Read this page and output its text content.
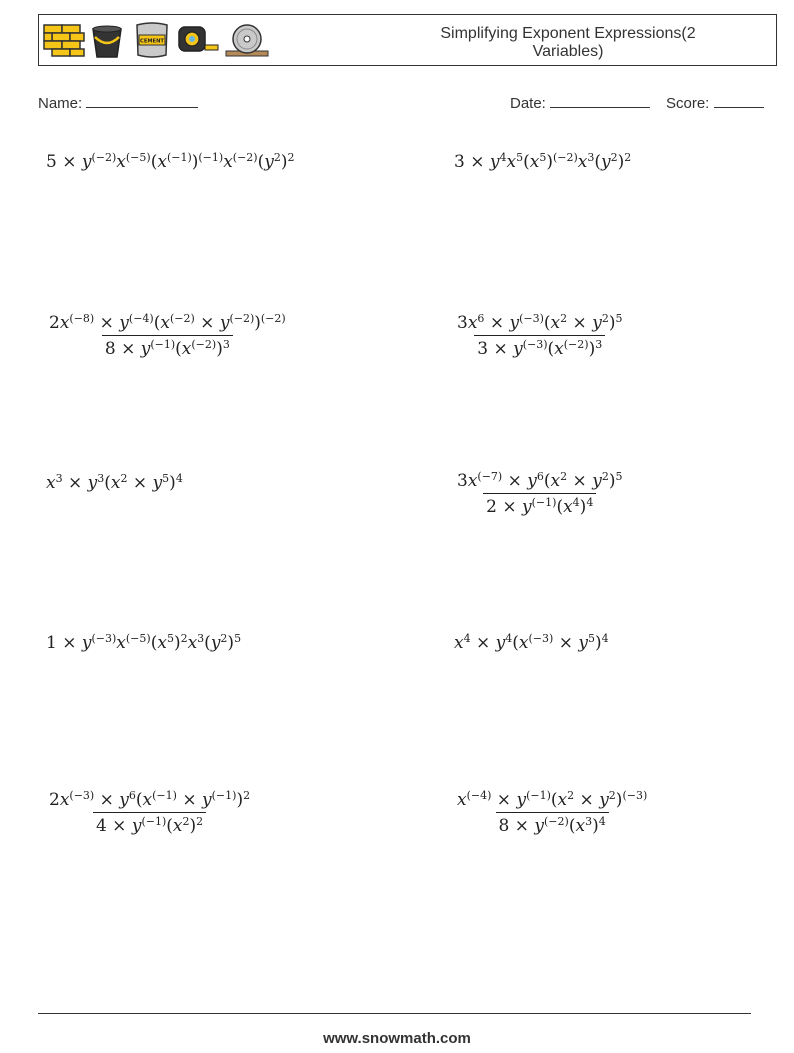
CEMENT	Simplifying Exponent Expressions(2 Variables)
Name:	Date:	Score:
$5 \times y^{(-2)}x^{(-5)}(x^{(-1)})^{(-1)}x^{(-2)}(y^2)^2$	$3 \times y^4x^5(x^5)^{(-2)}x^3(y^2)^2$
$\frac{2x^{(-8)} \times y^{(-4)}(x^{(-2)} \times y^{(-2)})^{(-2)}}{8 \times y^{(-1)}(x^{(-2)})^3}$	$\frac{3x^6 \times y^{(-3)}(x^2 \times y^2)^5}{3 \times y^{(-3)}(x^{(-2)})^3}$
$x^3 \times y^3(x^2 \times y^5)^4$	$\frac{3x^{(-7)} \times y^6(x^2 \times y^2)^5}{2 \times y^{(-1)}(x^4)^4}$
$1 \times y^{(-3)}x^{(-5)}(x^5)^2x^3(y^2)^5$	$x^4 \times y^4(x^{(-3)} \times y^5)^4$
$\frac{2x^{(-3)} \times y^6(x^{(-1)} \times y^{(-1)})^2}{4 \times y^{(-1)}(x^2)^2}$	$\frac{x^{(-4)} \times y^{(-1)}(x^2 \times y^2)^{(-3)}}{8 \times y^{(-2)}(x^3)^4}$
www.snowmath.com
